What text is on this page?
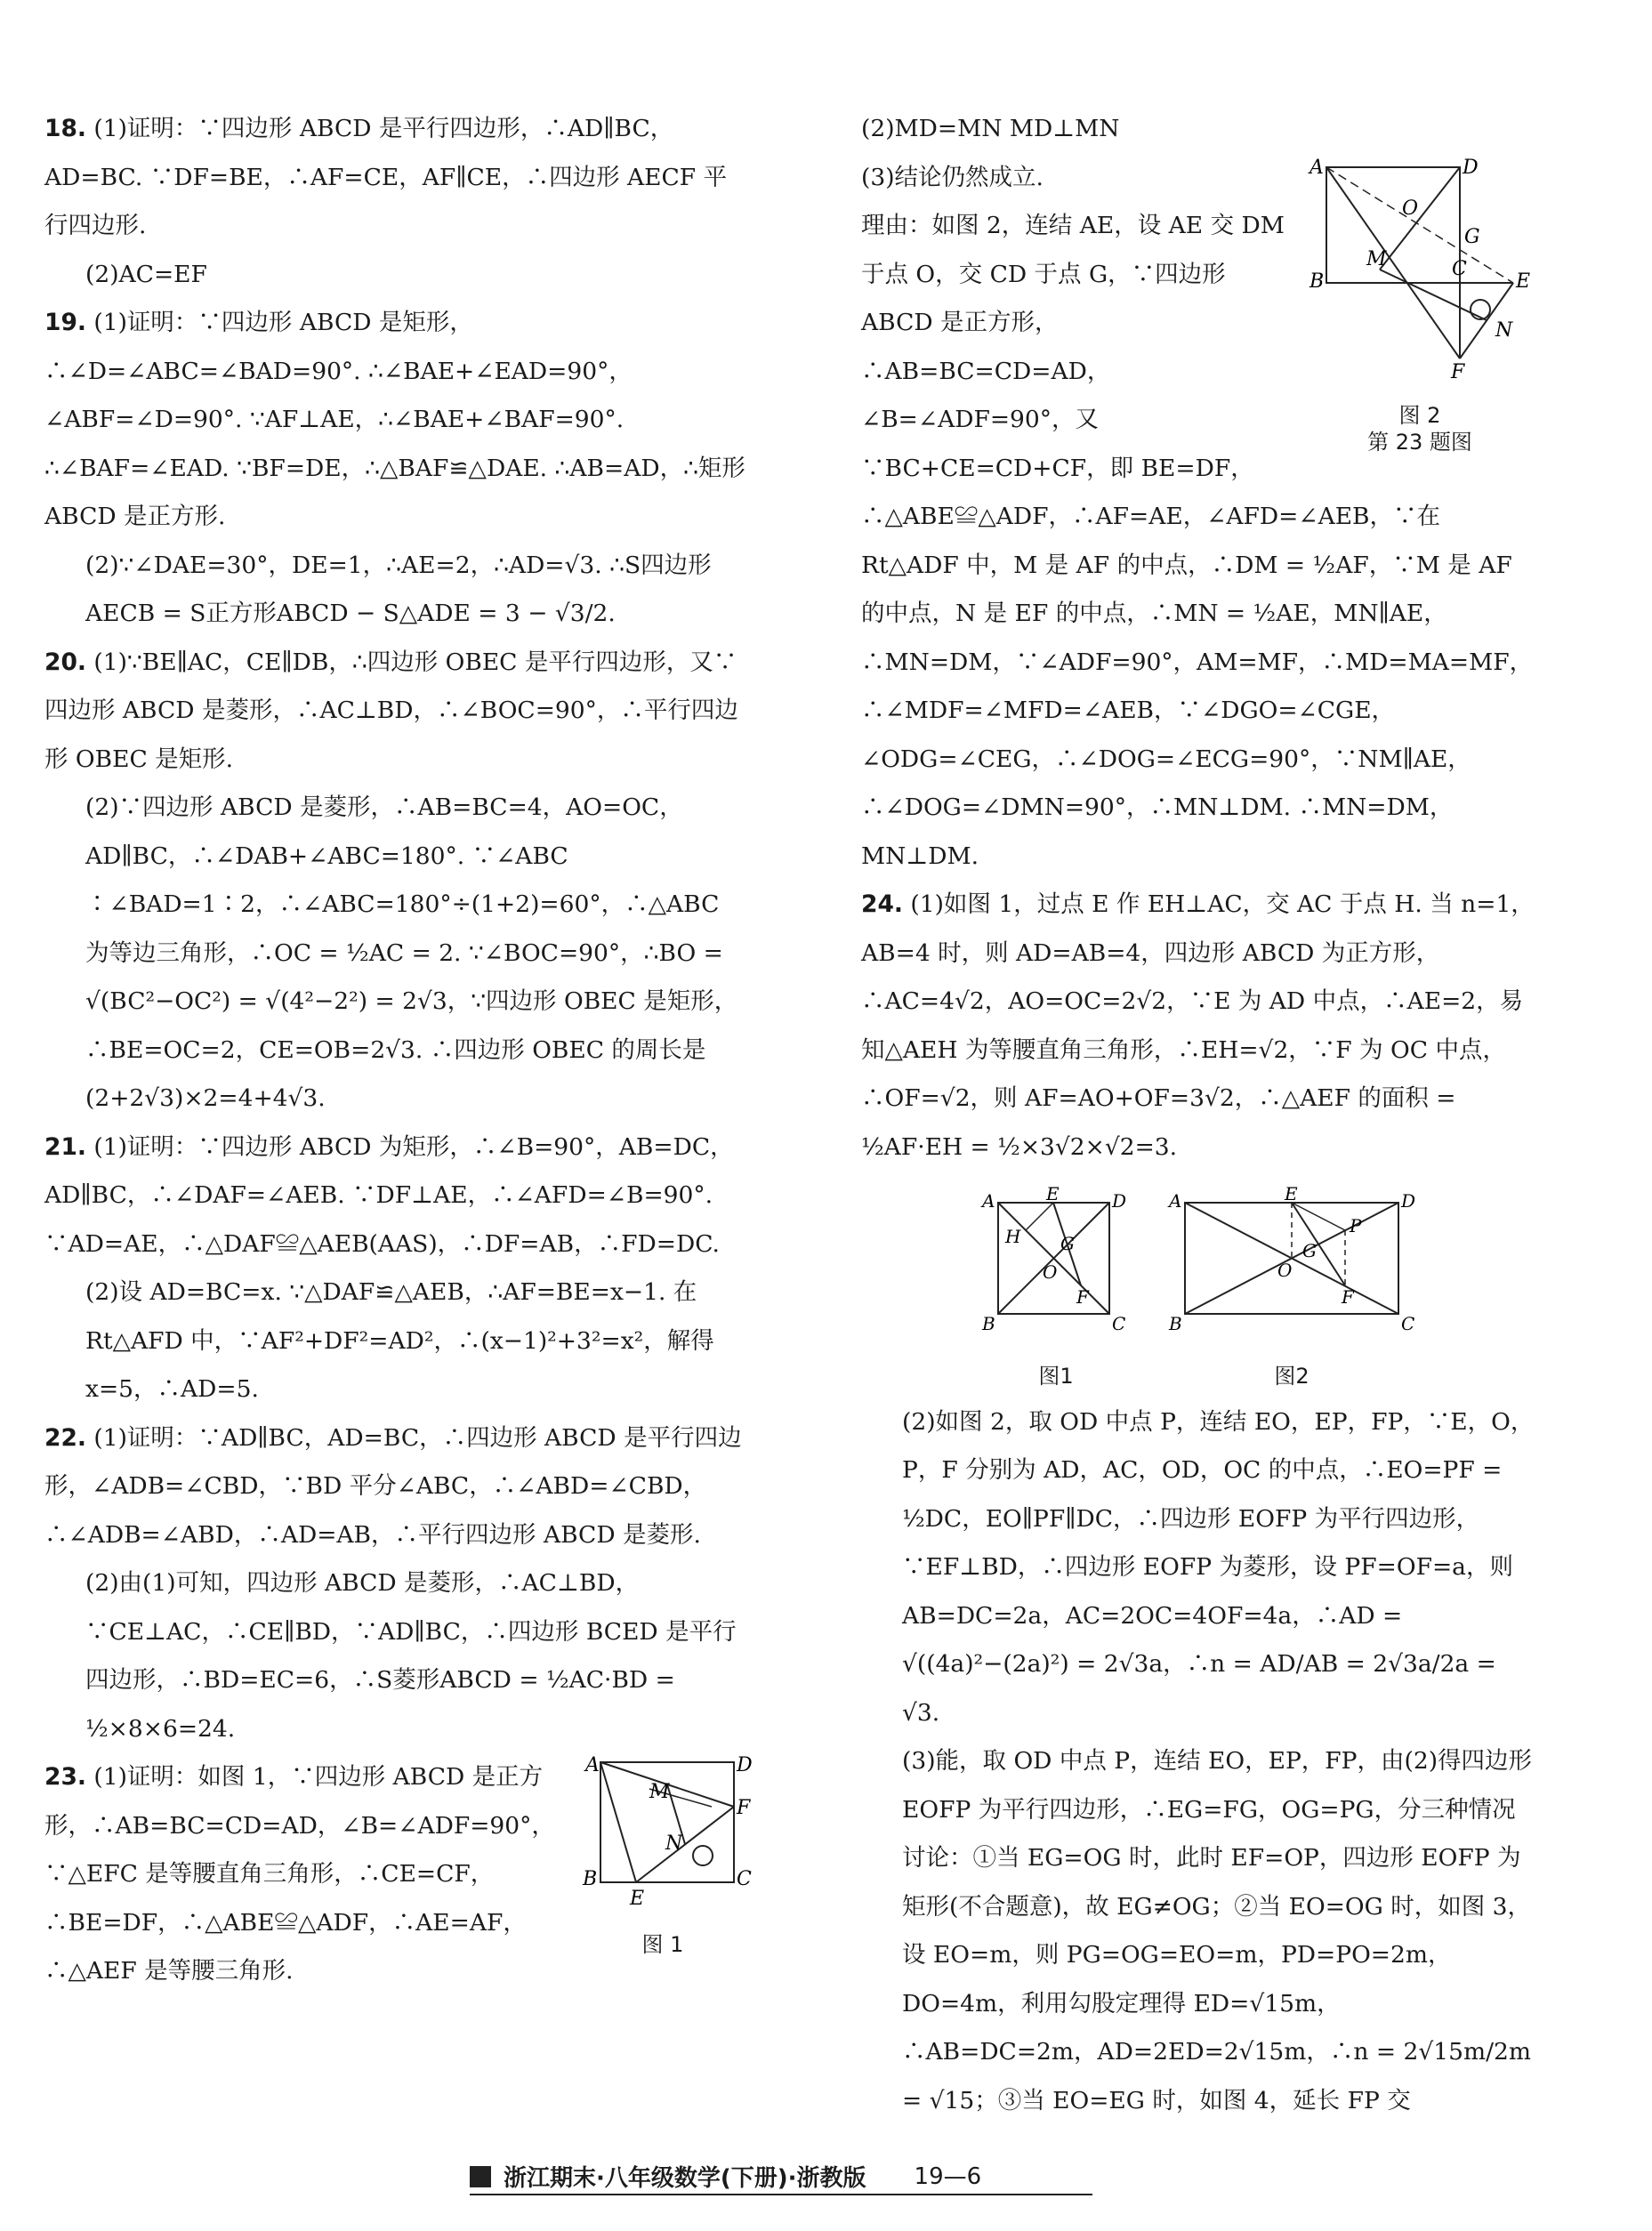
18. (1)证明：∵四边形 ABCD 是平行四边形，∴AD∥BC，AD=BC. ∵DF=BE，∴AF=CE，AF∥CE，∴四边形 AECF 平行四边形.

(2)AC=EF

19. (1)证明：∵四边形 ABCD 是矩形，∴∠D=∠ABC=∠BAD=90°. ∴∠BAE+∠EAD=90°，∠ABF=∠D=90°. ∵AF⊥AE，∴∠BAE+∠BAF=90°. ∴∠BAF=∠EAD. ∵BF=DE，∴△BAF≌△DAE. ∴AB=AD，∴矩形 ABCD 是正方形.

(2)∵∠DAE=30°，DE=1，∴AE=2，∴AD=√3. ∴S四边形AECB = S正方形ABCD − S△ADE = 3 − √3/2.

20. (1)∵BE∥AC，CE∥DB，∴四边形 OBEC 是平行四边形，又∵四边形 ABCD 是菱形，∴AC⊥BD，∴∠BOC=90°，∴平行四边形 OBEC 是矩形.

(2)∵四边形 ABCD 是菱形，∴AB=BC=4，AO=OC，AD∥BC，∴∠DAB+∠ABC=180°. ∵∠ABC ∶∠BAD=1∶2，∴∠ABC=180°÷(1+2)=60°，∴△ABC 为等边三角形，∴OC = ½AC = 2. ∵∠BOC=90°，∴BO = √(BC²−OC²) = √(4²−2²) = 2√3，∵四边形 OBEC 是矩形，∴BE=OC=2，CE=OB=2√3. ∴四边形 OBEC 的周长是(2+2√3)×2=4+4√3.

21. (1)证明：∵四边形 ABCD 为矩形，∴∠B=90°，AB=DC，AD∥BC，∴∠DAF=∠AEB. ∵DF⊥AE，∴∠AFD=∠B=90°. ∵AD=AE，∴△DAF≌△AEB(AAS)，∴DF=AB，∴FD=DC.

(2)设 AD=BC=x. ∵△DAF≌△AEB，∴AF=BE=x−1. 在 Rt△AFD 中，∵AF²+DF²=AD²，∴(x−1)²+3²=x²，解得 x=5，∴AD=5.

22. (1)证明：∵AD∥BC，AD=BC，∴四边形 ABCD 是平行四边形，∠ADB=∠CBD，∵BD 平分∠ABC，∴∠ABD=∠CBD，∴∠ADB=∠ABD，∴AD=AB，∴平行四边形 ABCD 是菱形.

(2)由(1)可知，四边形 ABCD 是菱形，∴AC⊥BD，∵CE⊥AC，∴CE∥BD，∵AD∥BC，∴四边形 BCED 是平行四边形，∴BD=EC=6，∴S菱形ABCD = ½AC·BD = ½×8×6=24.

A	D
F
M
N
B
E
C
图 1
23. (1)证明：如图 1，∵四边形 ABCD 是正方形，∴AB=BC=CD=AD，∠B=∠ADF=90°，∵△EFC 是等腰直角三角形，∴CE=CF，∴BE=DF，∴△ABE≌△ADF，∴AE=AF，∴△AEF 是等腰三角形.

(2)MD=MN MD⊥MN

A	D
O
G
B
M	C
E
N
F
图 2
第 23 题图
(3)结论仍然成立.
理由：如图 2，连结 AE，设 AE 交 DM 于点 O，交 CD 于点 G，∵四边形 ABCD 是正方形，∴AB=BC=CD=AD，∠B=∠ADF=90°，又∵BC+CE=CD+CF，即 BE=DF，∴△ABE≌△ADF，∴AF=AE，∠AFD=∠AEB，∵在 Rt△ADF 中，M 是 AF 的中点，∴DM = ½AF，∵M 是 AF 的中点，N 是 EF 的中点，∴MN = ½AE，MN∥AE，∴MN=DM，∵∠ADF=90°，AM=MF，∴MD=MA=MF，∴∠MDF=∠MFD=∠AEB，∵∠DGO=∠CGE，∠ODG=∠CEG，∴∠DOG=∠ECG=90°，∵NM∥AE，∴∠DOG=∠DMN=90°，∴MN⊥DM. ∴MN=DM，MN⊥DM.

24. (1)如图 1，过点 E 作 EH⊥AC，交 AC 于点 H. 当 n=1，AB=4 时，则 AD=AB=4，四边形 ABCD 为正方形，∴AC=4√2，AO=OC=2√2，∵E 为 AD 中点，∴AE=2，易知△AEH 为等腰直角三角形，∴EH=√2，∵F 为 OC 中点，∴OF=√2，则 AF=AO+OF=3√2，∴△AEF 的面积 = ½AF·EH = ½×3√2×√2=3.

A	E	D
H G
O
F
B	C
图1
A	E	D
P
G
O
F
B	C
图2

(2)如图 2，取 OD 中点 P，连结 EO，EP，FP，∵E，O，P，F 分别为 AD，AC，OD，OC 的中点，∴EO=PF = ½DC，EO∥PF∥DC，∴四边形 EOFP 为平行四边形，∵EF⊥BD，∴四边形 EOFP 为菱形，设 PF=OF=a，则 AB=DC=2a，AC=2OC=4OF=4a，∴AD = √((4a)²−(2a)²) = 2√3a，∴n = AD/AB = 2√3a/2a = √3.

(3)能，取 OD 中点 P，连结 EO，EP，FP，由(2)得四边形 EOFP 为平行四边形，∴EG=FG，OG=PG，分三种情况讨论：①当 EG=OG 时，此时 EF=OP，四边形 EOFP 为矩形(不合题意)，故 EG≠OG；②当 EO=OG 时，如图 3，设 EO=m，则 PG=OG=EO=m，PD=PO=2m，DO=4m，利用勾股定理得 ED=√15m，∴AB=DC=2m，AD=2ED=2√15m，∴n = 2√15m/2m = √15；③当 EO=EG 时，如图 4，延长 FP 交

浙江期末·八年级数学(下册)·浙教版 19—6
